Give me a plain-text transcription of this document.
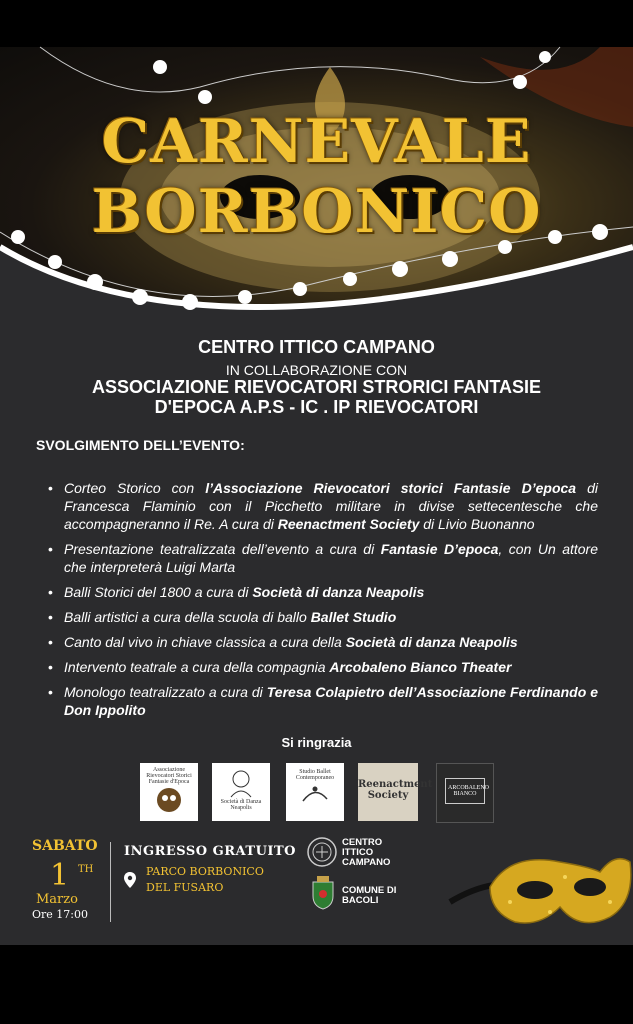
CARNEVALE
BORBONICO
CENTRO ITTICO CAMPANO
IN COLLABORAZIONE CON
ASSOCIAZIONE RIEVOCATORI STRORICI FANTASIE
D'EPOCA A.P.S - IC . IP RIEVOCATORI
SVOLGIMENTO DELL’EVENTO:
• Corteo Storico con l’Associazione Rievocatori storici Fantasie D’epoca di Francesca Flaminio con il Picchetto militare in divise settecentesche che accompagneranno il Re. A cura di Reenactment Society di Livio Buonanno
• Presentazione teatralizzata dell’evento a cura di Fantasie D’epoca, con Un attore che interpreterà Luigi Marta
• Balli Storici del 1800 a cura di Società di danza Neapolis
• Balli artistici a cura della scuola di ballo Ballet Studio
• Canto dal vivo in chiave classica a cura della Società di danza Neapolis
• Intervento teatrale a cura della compagnia Arcobaleno Bianco Theater
• Monologo teatralizzato a cura di Teresa Colapietro dell’Associazione Ferdinando e Don Ippolito
Si ringrazia
Associazione Rievocatori Storici Fantasie d'Epoca
Società di Danza Neapolis
Studio Ballet Contemporaneo
Reenactment Society
ARCOBALENO BIANCO
SABATO
1 TH
Marzo
Ore 17:00
INGRESSO GRATUITO
PARCO BORBONICO
DEL FUSARO
CENTRO
ITTICO
CAMPANO
COMUNE DI
BACOLI
